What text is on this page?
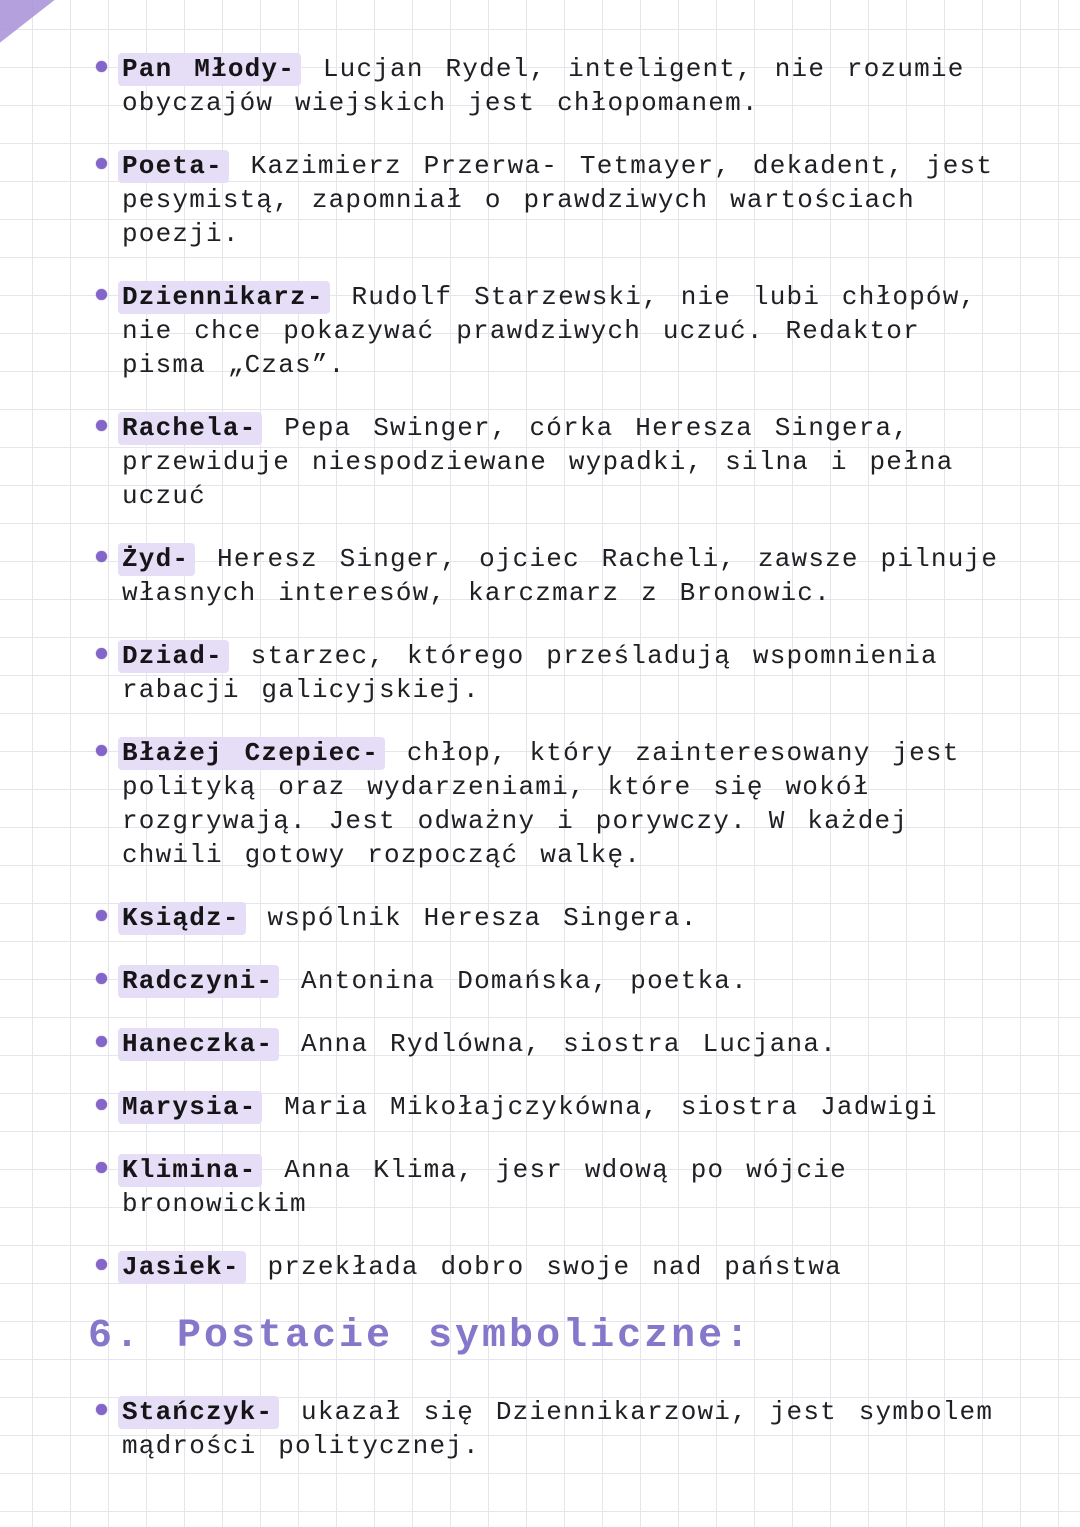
Pan Młody- Lucjan Rydel, inteligent, nie rozumie obyczajów wiejskich jest chłopomanem.
Poeta- Kazimierz Przerwa- Tetmayer, dekadent, jest pesymistą, zapomniał o prawdziwych wartościach poezji.
Dziennikarz- Rudolf Starzewski, nie lubi chłopów, nie chce pokazywać prawdziwych uczuć. Redaktor pisma „Czas”.
Rachela- Pepa Swinger, córka Heresza Singera, przewiduje niespodziewane wypadki, silna i pełna uczuć
Żyd- Heresz Singer, ojciec Racheli, zawsze pilnuje własnych interesów, karczmarz z Bronowic.
Dziad- starzec, którego prześladują wspomnienia rabacji galicyjskiej.
Błażej Czepiec- chłop, który zainteresowany jest polityką oraz wydarzeniami, które się wokół rozgrywają. Jest odważny i porywczy. W każdej chwili gotowy rozpocząć walkę.
Ksiądz- wspólnik Heresza Singera.
Radczyni- Antonina Domańska, poetka.
Haneczka- Anna Rydlówna, siostra Lucjana.
Marysia- Maria Mikołajczykówna, siostra Jadwigi
Klimina- Anna Klima, jesr wdową po wójcie bronowickim
Jasiek- przekłada dobro swoje nad państwa
6. Postacie symboliczne:
Stańczyk- ukazał się Dziennikarzowi, jest symbolem mądrości politycznej.
